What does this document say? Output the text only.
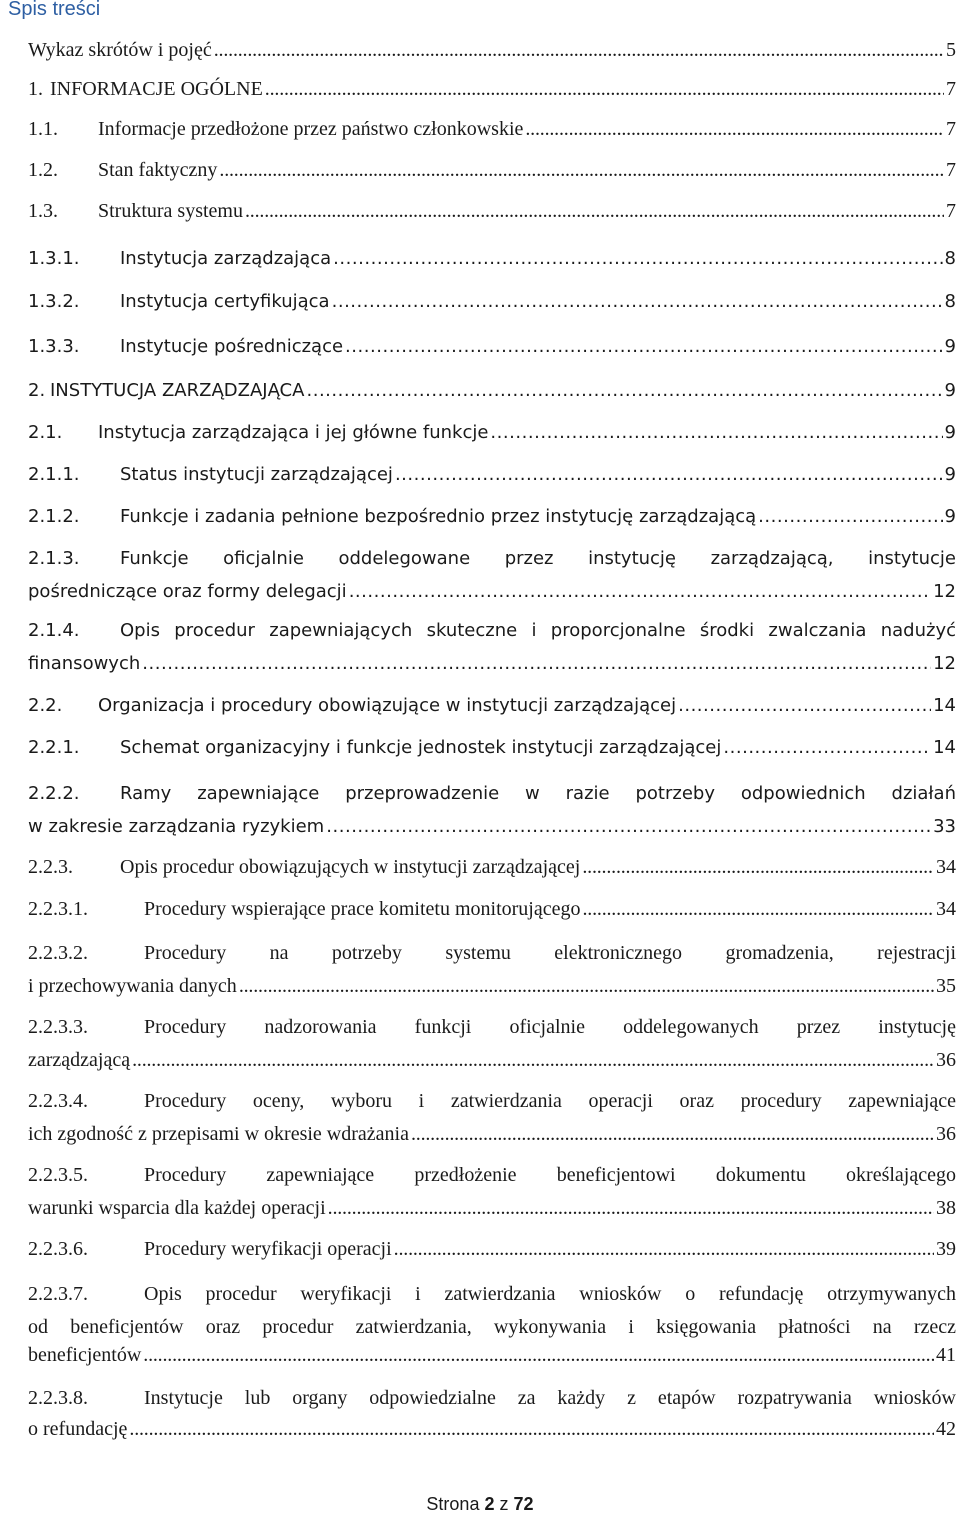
Spis treści
Wykaz skrótów i pojęć . . .	5
1. INFORMACJE OGÓLNE . . .	7
1.1.	Informacje przedłożone przez państwo członkowskie . . .	7
1.2.	Stan faktyczny . . .	7
1.3.	Struktura systemu . . .	7
1.3.1.	Instytucja zarządzająca . . .	8
1.3.2.	Instytucja certyfikująca . . .	8
1.3.3.	Instytucje pośredniczące . . .	9
2. INSTYTUCJA ZARZĄDZAJĄCA . . .	9
2.1.	Instytucja zarządzająca i jej główne funkcje . . .	9
2.1.1.	Status instytucji zarządzającej . . .	9
2.1.2.	Funkcje i zadania pełnione bezpośrednio przez instytucję zarządzającą . . .	9
2.1.3.	Funkcje oficjalnie oddelegowane przez instytucję zarządzającą, instytucje
pośredniczące oraz formy delegacji . . .	12
2.1.4.	Opis procedur zapewniających skuteczne i proporcjonalne środki zwalczania nadużyć
finansowych . . .	12
2.2.	Organizacja i procedury obowiązujące w instytucji zarządzającej . . .	14
2.2.1.	Schemat organizacyjny i funkcje jednostek instytucji zarządzającej . . .	14
2.2.2.	Ramy zapewniające przeprowadzenie w razie potrzeby odpowiednich działań
w zakresie zarządzania ryzykiem . . .	33
2.2.3.	Opis procedur obowiązujących w instytucji zarządzającej . . .	34
2.2.3.1.	Procedury wspierające prace komitetu monitorującego . . .	34
2.2.3.2.	Procedury na potrzeby systemu elektronicznego gromadzenia, rejestracji
i przechowywania danych . . .	35
2.2.3.3.	Procedury nadzorowania funkcji oficjalnie oddelegowanych przez instytucję
zarządzającą . . .	36
2.2.3.4.	Procedury oceny, wyboru i zatwierdzania operacji oraz procedury zapewniające
ich zgodność z przepisami w okresie wdrażania . . .	36
2.2.3.5.	Procedury zapewniające przedłożenie beneficjentowi dokumentu określającego
warunki wsparcia dla każdej operacji . . .	38
2.2.3.6.	Procedury weryfikacji operacji . . .	39
2.2.3.7.	Opis procedur weryfikacji i zatwierdzania wniosków o refundację otrzymywanych
od beneficjentów oraz procedur zatwierdzania, wykonywania i księgowania płatności na rzecz
beneficjentów . . .	41
2.2.3.8.	Instytucje lub organy odpowiedzialne za każdy z etapów rozpatrywania wniosków
o refundację . . .	42
Strona 2 z 72
